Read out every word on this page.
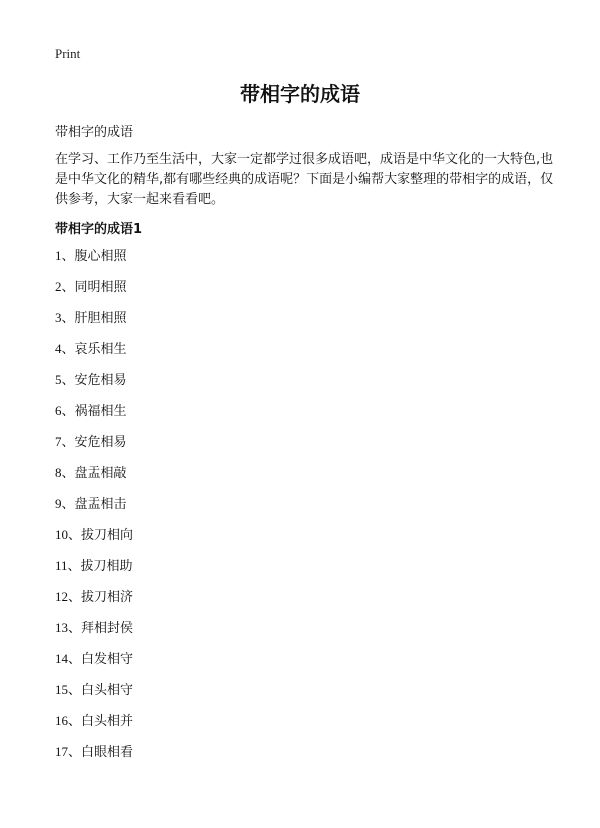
Print
带相字的成语
带相字的成语
在学习、工作乃至生活中，大家一定都学过很多成语吧，成语是中华文化的一大特色,也是中华文化的精华,都有哪些经典的成语呢？下面是小编帮大家整理的带相字的成语，仅供参考，大家一起来看看吧。
带相字的成语1
1、腹心相照
2、同明相照
3、肝胆相照
4、哀乐相生
5、安危相易
6、祸福相生
7、安危相易
8、盘盂相敲
9、盘盂相击
10、拔刀相向
11、拔刀相助
12、拔刀相济
13、拜相封侯
14、白发相守
15、白头相守
16、白头相并
17、白眼相看
